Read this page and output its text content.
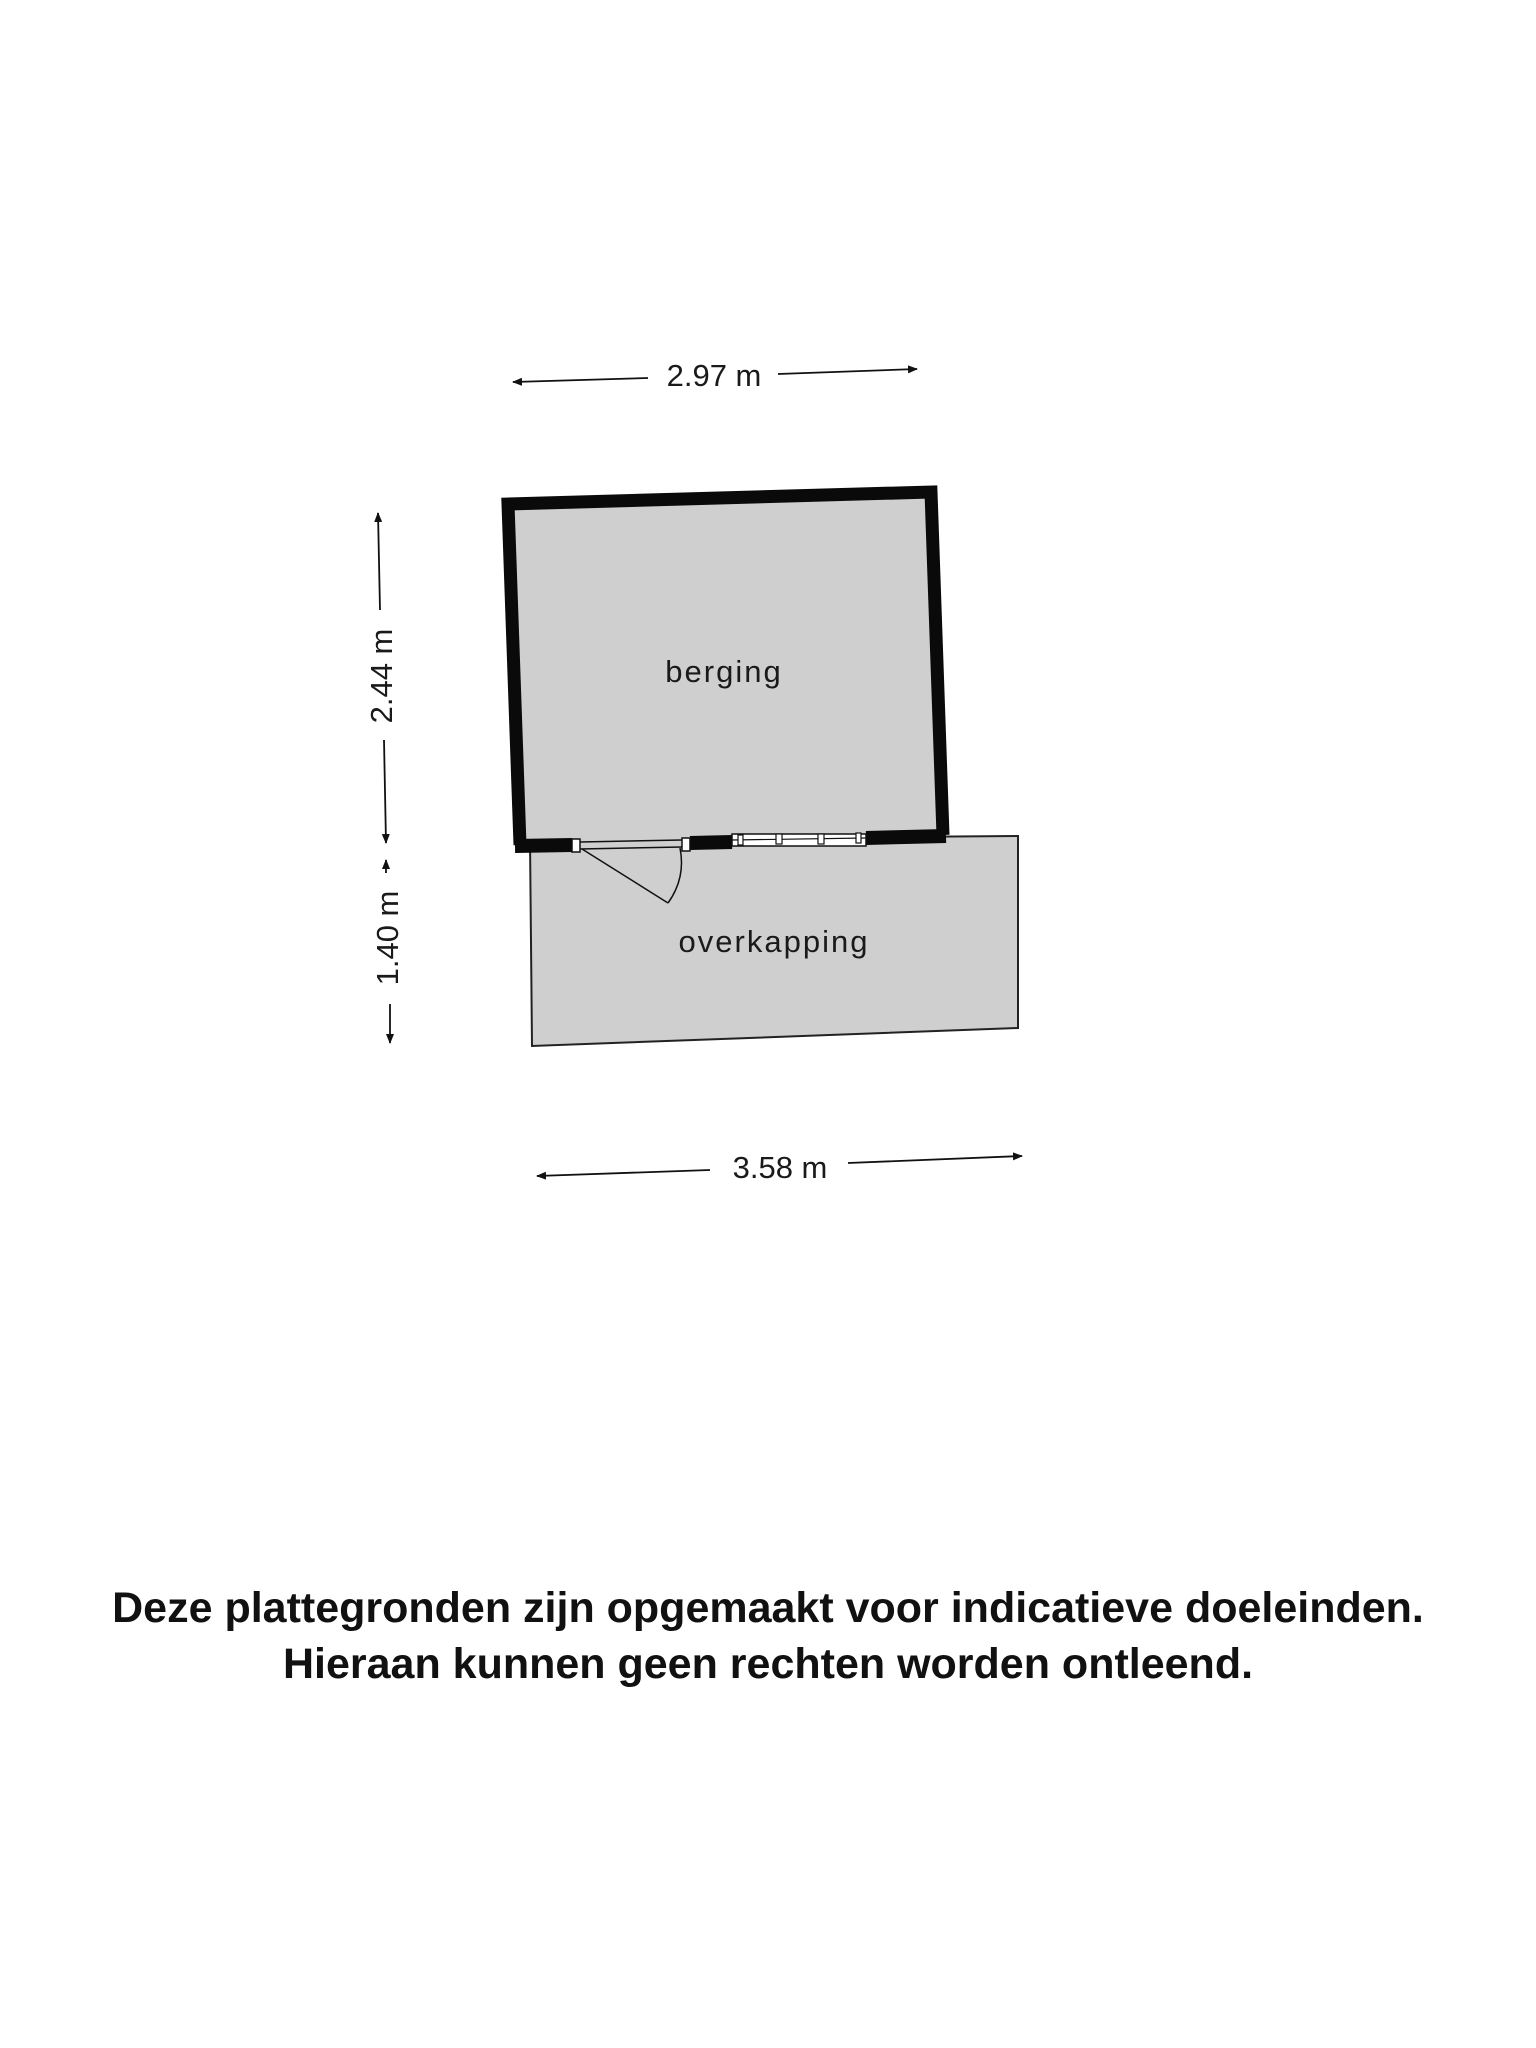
berging
overkapping
2.97 m
2.44 m
1.40 m
3.58 m
Deze plattegronden zijn opgemaakt voor indicatieve doeleinden.
Hieraan kunnen geen rechten worden ontleend.
